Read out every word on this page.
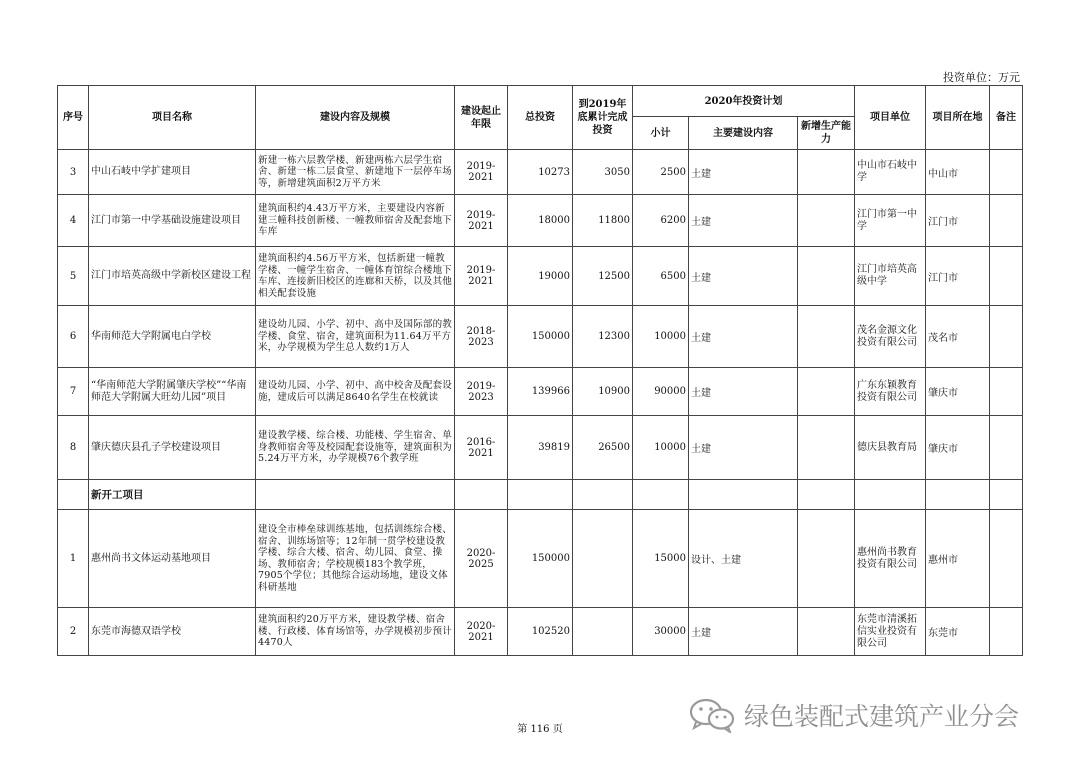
投资单位：万元
序号	项目名称	建设内容及规模	建设起止年限	总投资	到2019年底累计完成投资	2020年投资计划			项目单位	项目所在地	备注
						小计	主要建设内容	新增生产能力			
3	中山石岐中学扩建项目	新建一栋六层教学楼、新建两栋六层学生宿舍、新建一栋二层食堂、新建地下一层停车场等，新增建筑面积2万平方米	2019-2021	10273	3050	2500	土建		中山市石岐中学	中山市	
4	江门市第一中学基础设施建设项目	建筑面积约4.43万平方米，主要建设内容新建三幢科技创新楼、一幢教师宿舍及配套地下车库	2019-2021	18000	11800	6200	土建		江门市第一中学	江门市	
5	江门市培英高级中学新校区建设工程	建筑面积约4.56万平方米，包括新建一幢教学楼、一幢学生宿舍、一幢体育馆综合楼地下车库、连接新旧校区的连廊和天桥，以及其他相关配套设施	2019-2021	19000	12500	6500	土建		江门市培英高级中学	江门市	
6	华南师范大学附属电白学校	建设幼儿园、小学、初中、高中及国际部的教学楼、食堂、宿舍，建筑面积为11.64万平方米，办学规模为学生总人数约1万人	2018-2023	150000	12300	10000	土建		茂名金源文化投资有限公司	茂名市	
7	“华南师范大学附属肇庆学校”“华南师范大学附属大旺幼儿园”项目	建设幼儿园、小学、初中、高中校舍及配套设施，建成后可以满足8640名学生在校就读	2019-2023	139966	10900	90000	土建		广东东颖教育投资有限公司	肇庆市	
8	肇庆德庆县孔子学校建设项目	建设教学楼、综合楼、功能楼、学生宿舍、单身教师宿舍等及校园配套设施等，建筑面积为5.24万平方米，办学规模76个教学班	2016-2021	39819	26500	10000	土建		德庆县教育局	肇庆市	
	新开工项目										
1	惠州尚书文体运动基地项目	建设全市棒垒球训练基地，包括训练综合楼、宿舍、训练场馆等；12年制一贯学校建设教学楼、综合大楼、宿舍、幼儿园、食堂、操场、教师宿舍；学校规模183个教学班，7905个学位；其他综合运动场地，建设文体科研基地	2020-2025	150000		15000	设计、土建		惠州尚书教育投资有限公司	惠州市	
2	东莞市海德双语学校	建筑面积约20万平方米，建设教学楼、宿舍楼、行政楼、体育场馆等，办学规模初步预计4470人	2020-2021	102520		30000	土建		东莞市清溪拓信实业投资有限公司	东莞市	
第 116 页	绿色装配式建筑产业分会
